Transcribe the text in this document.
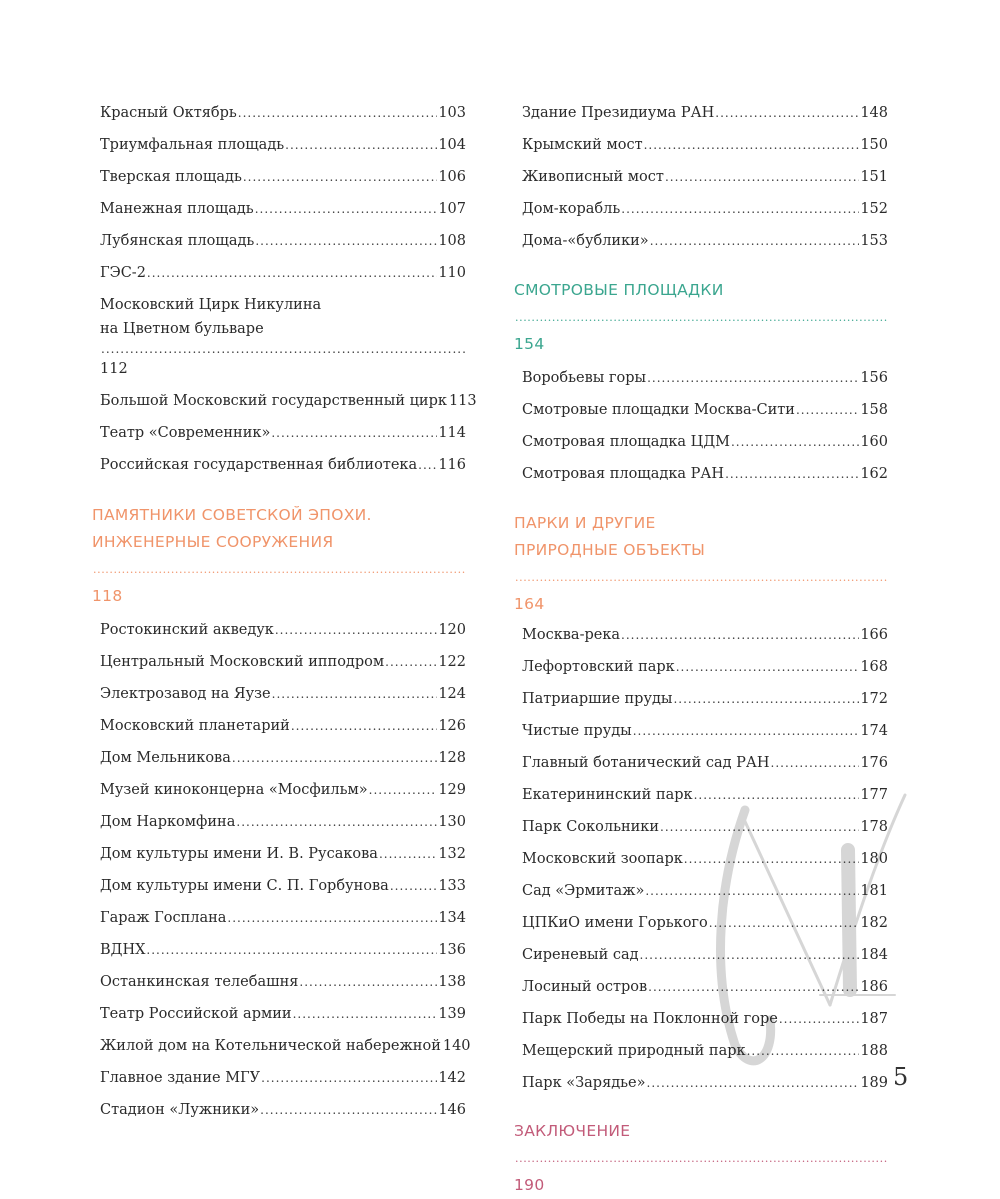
Красный Октябрь .....	103
Триумфальная площадь .....	104
Тверская площадь .....	106
Манежная площадь .....	107
Лубянская площадь .....	108
ГЭС-2 .....	110
Московский Цирк Никулина
на Цветном бульваре
.....
112
Большой Московский государственный цирк 113
Театр «Современник» .....	114
Российская государственная библиотека ..... 116
ПАМЯТНИКИ СОВЕТСКОЙ ЭПОХИ.
ИНЖЕНЕРНЫЕ СООРУЖЕНИЯ
.....
118
Ростокинский акведук .....	120
Центральный Московский ипподром .....	122
Электрозавод на Яузе .....	124
Московский планетарий .....	126
Дом Мельникова .....	128
Музей киноконцерна «Мосфильм» .....	129
Дом Наркомфина .....	130
Дом культуры имени И. В. Русакова .....	132
Дом культуры имени С. П. Горбунова .....	133
Гараж Госплана .....	134
ВДНХ .....	136
Останкинская телебашня .....	138
Театр Российской армии .....	139
Жилой дом на Котельнической набережной 140
Главное здание МГУ .....	142
Стадион «Лужники» .....	146
Здание Президиума РАН .....	148
Крымский мост .....	150
Живописный мост .....	151
Дом-корабль .....	152
Дома-«бублики» .....	153
СМОТРОВЫЕ ПЛОЩАДКИ
.....
154
Воробьевы горы .....	156
Смотровые площадки Москва-Сити .....	158
Смотровая площадка ЦДМ .....	160
Смотровая площадка РАН .....	162
ПАРКИ И ДРУГИЕ
ПРИРОДНЫЕ ОБЪЕКТЫ
.....
164
Москва-река .....	166
Лефортовский парк .....	168
Патриаршие пруды .....	172
Чистые пруды .....	174
Главный ботанический сад РАН .....	176
Екатерининский парк .....	177
Парк Сокольники .....	178
Московский зоопарк .....	180
Сад «Эрмитаж» .....	181
ЦПКиО имени Горького .....	182
Сиреневый сад .....	184
Лосиный остров .....	186
Парк Победы на Поклонной горе .....	187
Мещерский природный парк .....	188
Парк «Зарядье» .....	189
ЗАКЛЮЧЕНИЕ
.....
190
5
